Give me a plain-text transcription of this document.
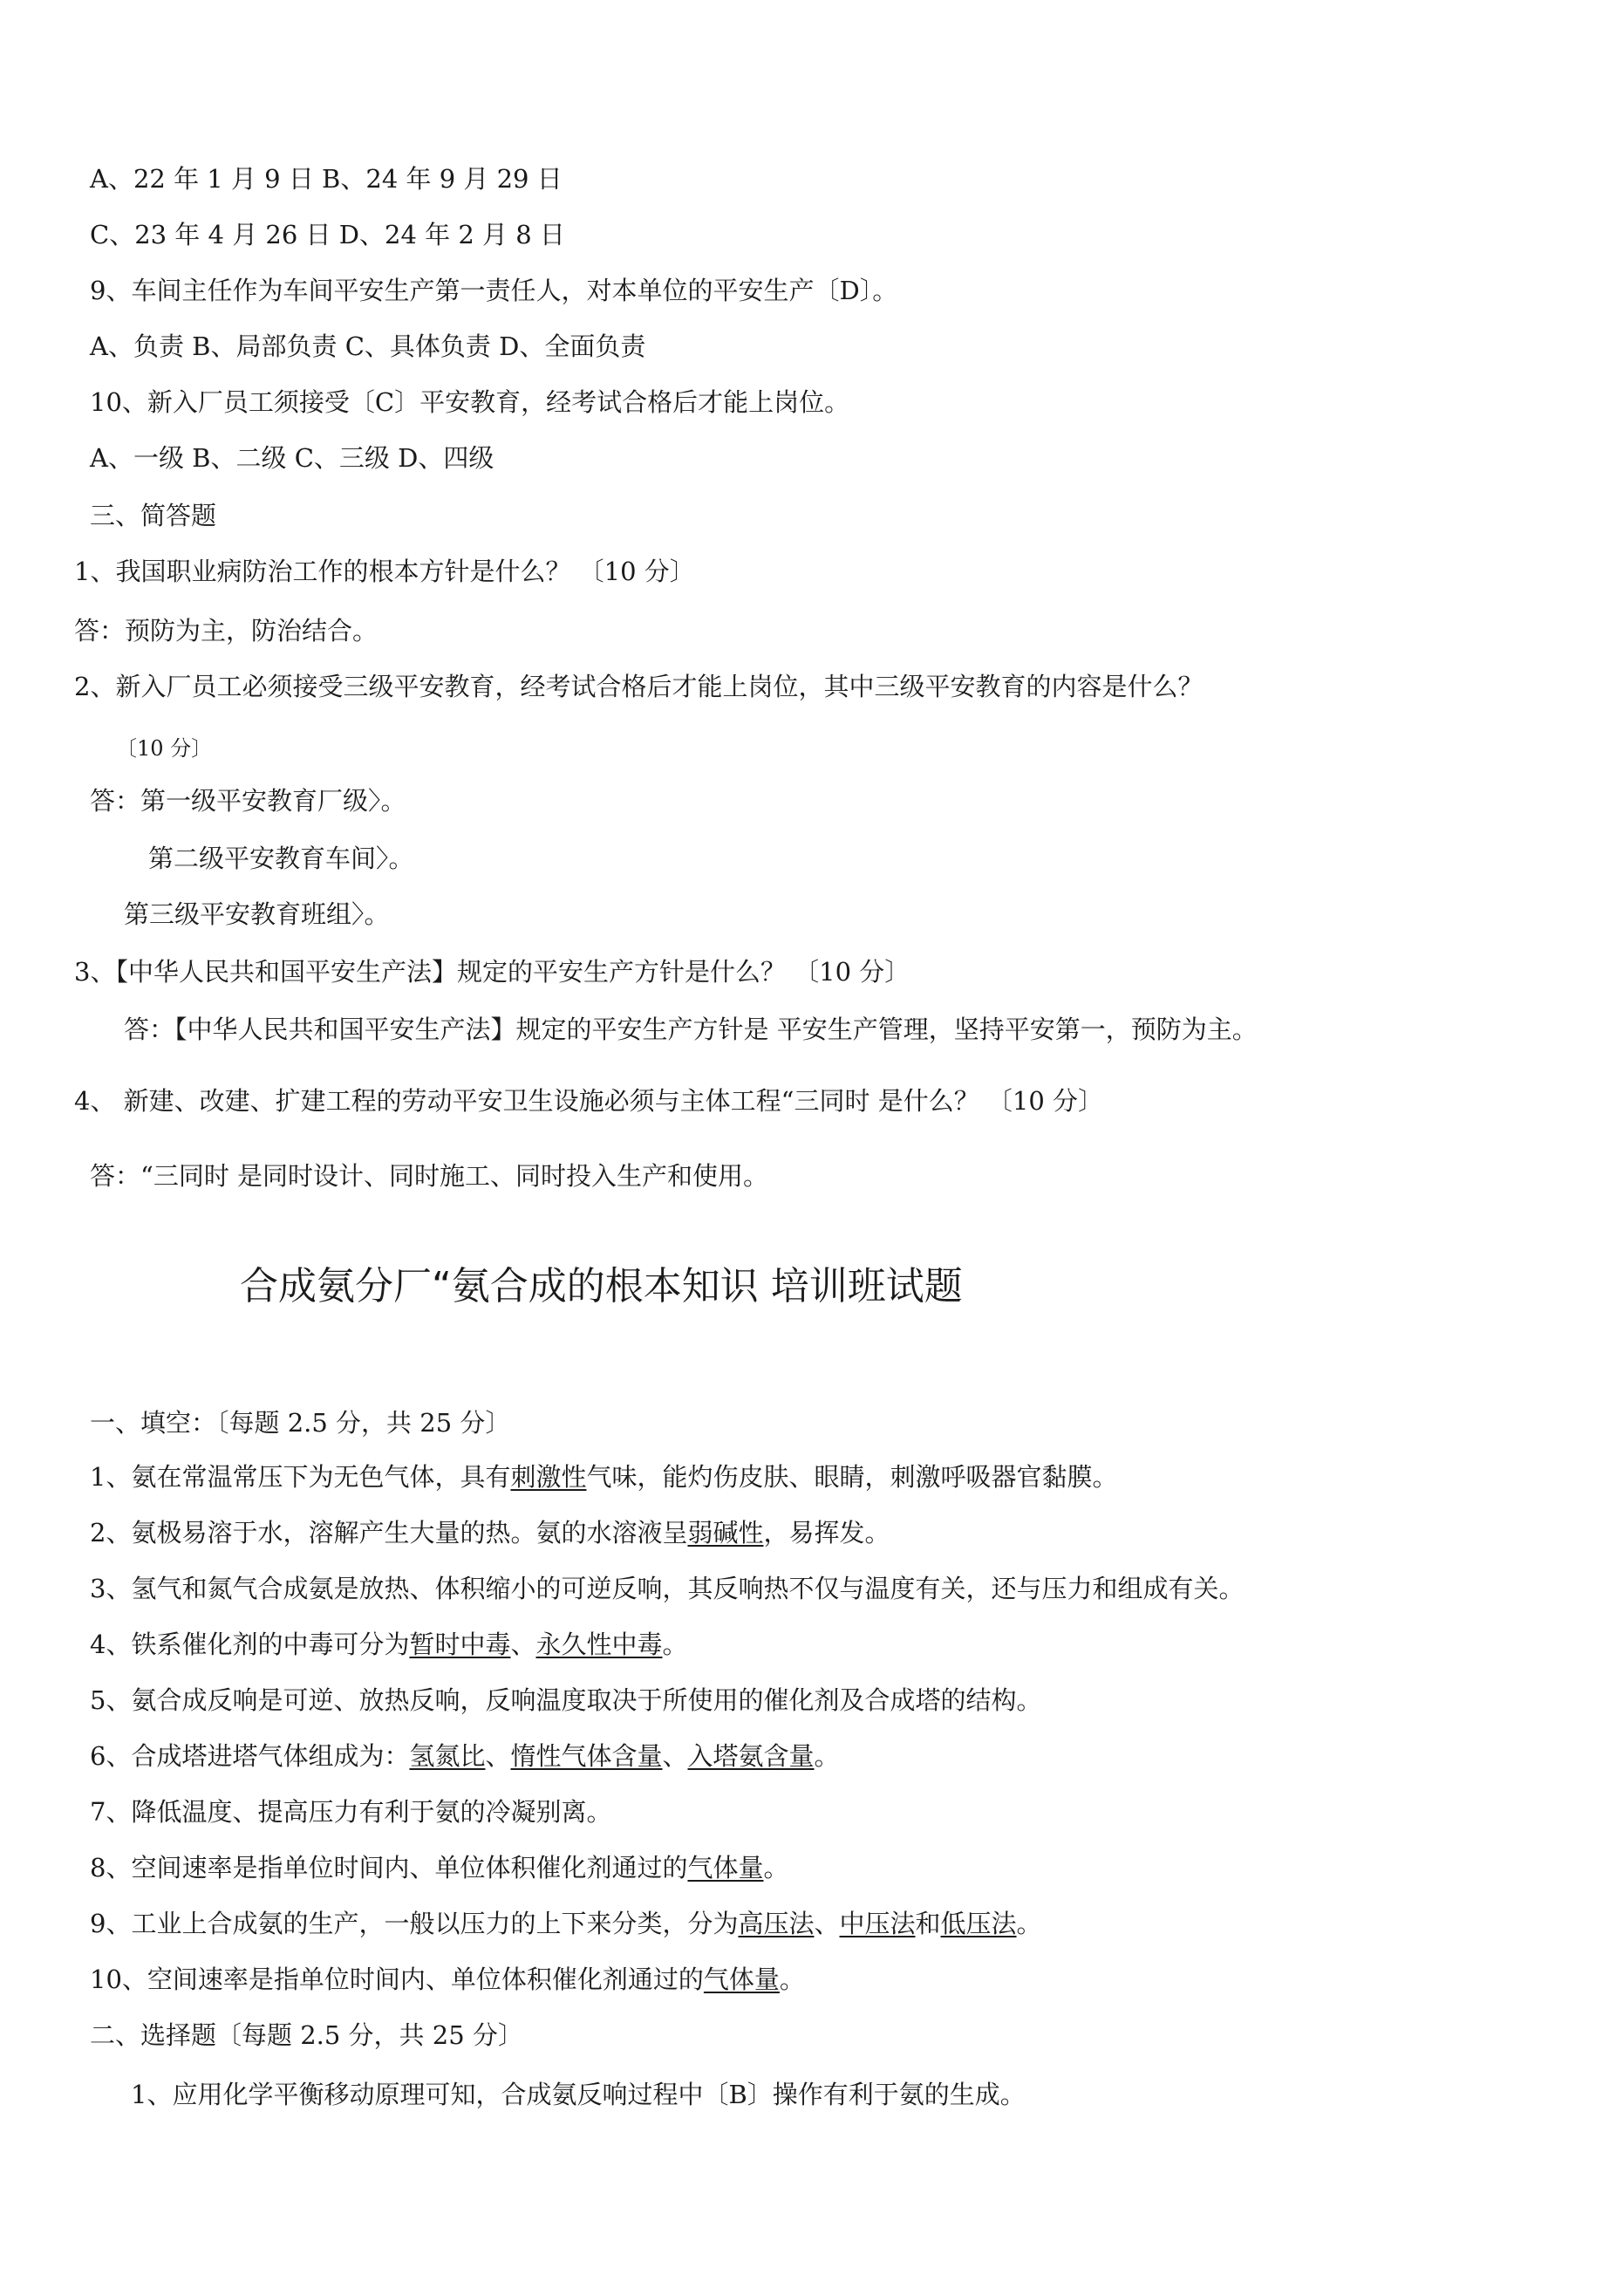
A、22 年 1 月 9 日 B、24 年 9 月 29 日
C、23 年 4 月 26 日 D、24 年 2 月 8 日
9、车间主任作为车间平安生产第一责任人，对本单位的平安生产〔D〕。
A、负责 B、局部负责 C、具体负责 D、全面负责
10、新入厂员工须接受〔C〕平安教育，经考试合格后才能上岗位。
A、一级 B、二级 C、三级 D、四级
三、简答题
1、我国职业病防治工作的根本方针是什么？ 〔10 分〕
答：预防为主，防治结合。
2、新入厂员工必须接受三级平安教育，经考试合格后才能上岗位，其中三级平安教育的内容是什么？
〔10 分〕
答：第一级平安教育厂级〉。
第二级平安教育车间〉。
第三级平安教育班组〉。
3、【中华人民共和国平安生产法】规定的平安生产方针是什么？ 〔10 分〕
答：【中华人民共和国平安生产法】规定的平安生产方针是 平安生产管理，坚持平安第一，预防为主。
4、 新建、改建、扩建工程的劳动平安卫生设施必须与主体工程“三同时 是什么？ 〔10 分〕
答：“三同时 是同时设计、同时施工、同时投入生产和使用。
合成氨分厂“氨合成的根本知识 培训班试题
一、填空：〔每题 2.5 分，共 25 分〕
1、氨在常温常压下为无色气体，具有刺激性气味，能灼伤皮肤、眼睛，刺激呼吸器官黏膜。
2、氨极易溶于水，溶解产生大量的热。氨的水溶液呈弱碱性，易挥发。
3、氢气和氮气合成氨是放热、体积缩小的可逆反响，其反响热不仅与温度有关，还与压力和组成有关。
4、铁系催化剂的中毒可分为暂时中毒、永久性中毒。
5、氨合成反响是可逆、放热反响，反响温度取决于所使用的催化剂及合成塔的结构。
6、合成塔进塔气体组成为：氢氮比、惰性气体含量、入塔氨含量。
7、降低温度、提高压力有利于氨的冷凝别离。
8、空间速率是指单位时间内、单位体积催化剂通过的气体量。
9、工业上合成氨的生产，一般以压力的上下来分类，分为高压法、中压法和低压法。
10、空间速率是指单位时间内、单位体积催化剂通过的气体量。
二、选择题〔每题 2.5 分，共 25 分〕
1、应用化学平衡移动原理可知，合成氨反响过程中〔B〕操作有利于氨的生成。
